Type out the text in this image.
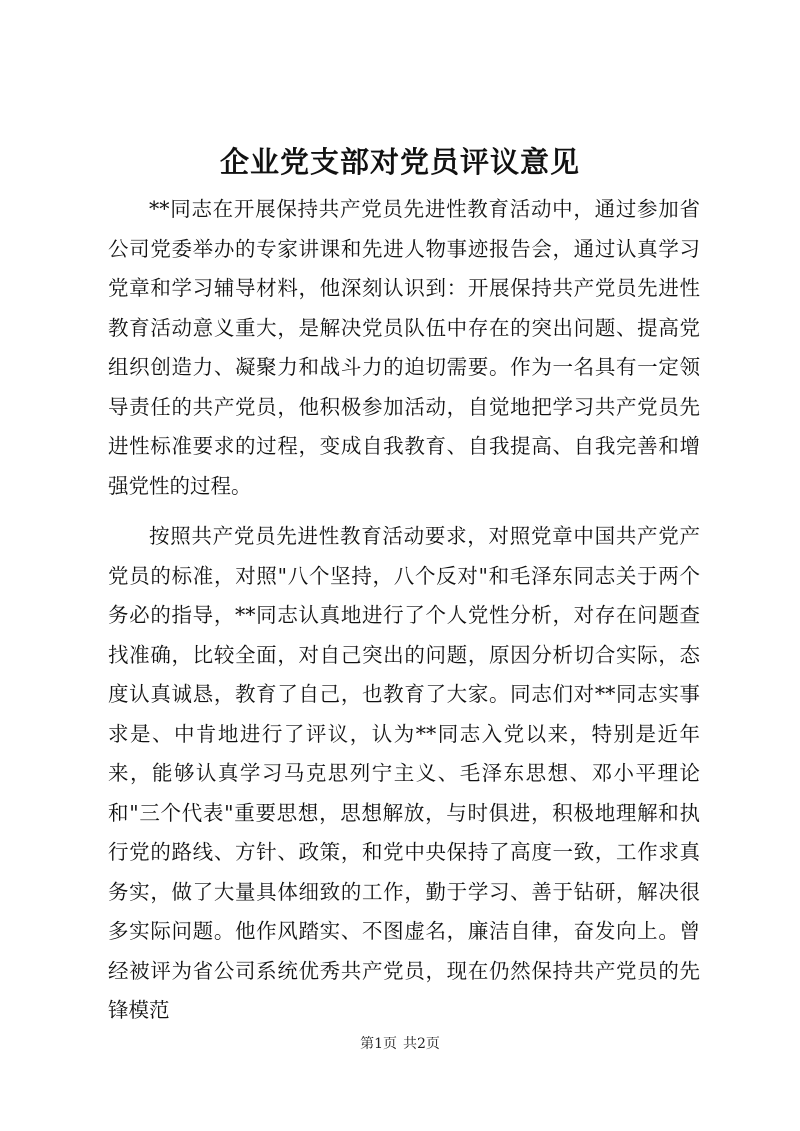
企业党支部对党员评议意见

**同志在开展保持共产党员先进性教育活动中，通过参加省公司党委举办的专家讲课和先进人物事迹报告会，通过认真学习党章和学习辅导材料，他深刻认识到：开展保持共产党员先进性教育活动意义重大，是解决党员队伍中存在的突出问题、提高党组织创造力、凝聚力和战斗力的迫切需要。作为一名具有一定领导责任的共产党员，他积极参加活动，自觉地把学习共产党员先进性标准要求的过程，变成自我教育、自我提高、自我完善和增强党性的过程。

按照共产党员先进性教育活动要求，对照党章中国共产党产党员的标准，对照"八个坚持，八个反对"和毛泽东同志关于两个务必的指导，**同志认真地进行了个人党性分析，对存在问题查找准确，比较全面，对自己突出的问题，原因分析切合实际，态度认真诚恳，教育了自己，也教育了大家。同志们对**同志实事求是、中肯地进行了评议，认为**同志入党以来，特别是近年来，能够认真学习马克思列宁主义、毛泽东思想、邓小平理论和"三个代表"重要思想，思想解放，与时俱进，积极地理解和执行党的路线、方针、政策，和党中央保持了高度一致，工作求真务实，做了大量具体细致的工作，勤于学习、善于钻研，解决很多实际问题。他作风踏实、不图虚名，廉洁自律，奋发向上。曾经被评为省公司系统优秀共产党员，现在仍然保持共产党员的先锋模范

第1页 共2页
